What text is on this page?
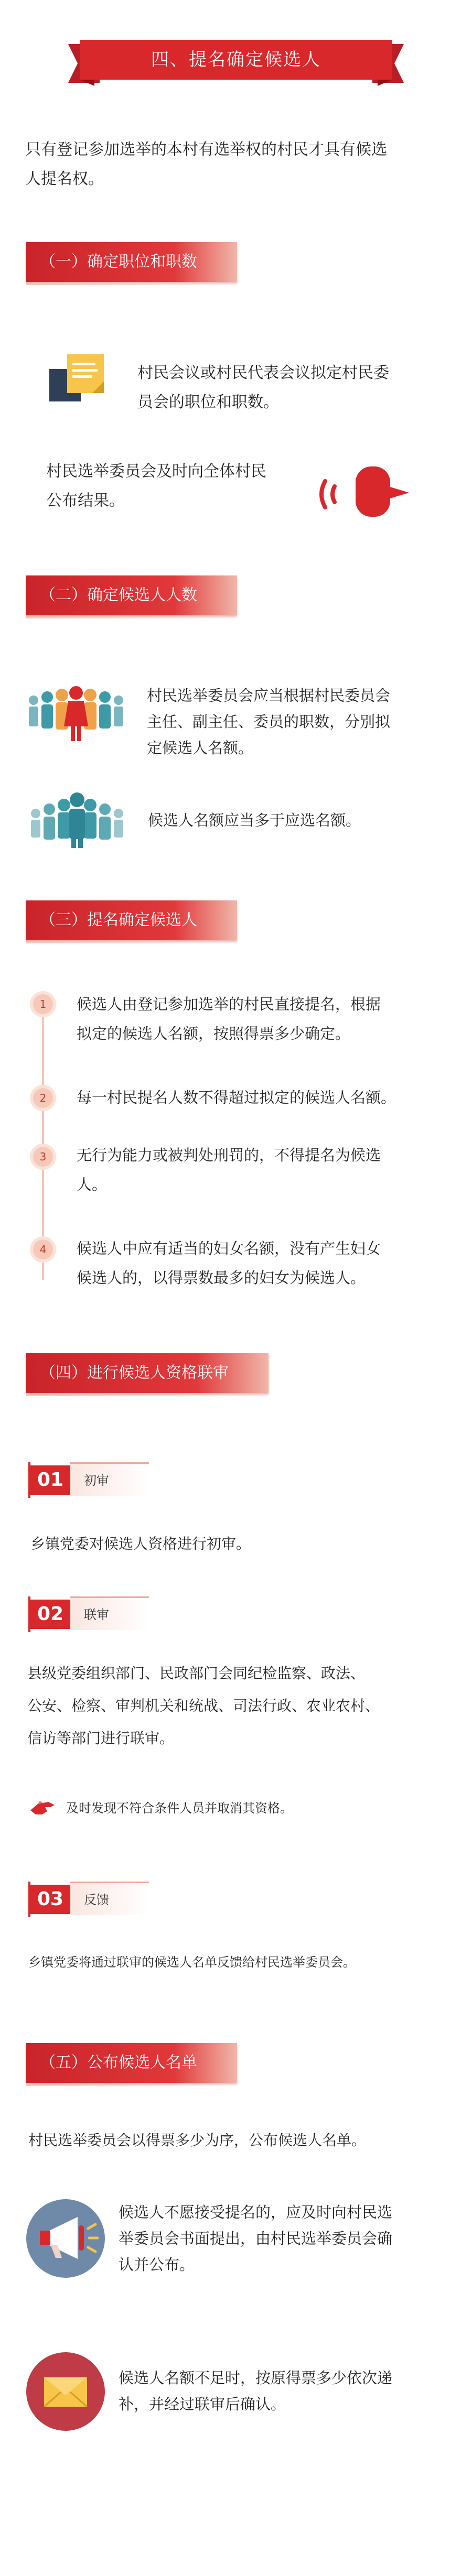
四、提名确定候选人
只有登记参加选举的本村有选举权的村民才具有候选
人提名权。
（一）确定职位和职数
村民会议或村民代表会议拟定村民委
员会的职位和职数。
村民选举委员会及时向全体村民
公布结果。
（二）确定候选人人数
村民选举委员会应当根据村民委员会
主任、副主任、委员的职数，分别拟
定候选人名额。
候选人名额应当多于应选名额。
（三）提名确定候选人
1	候选人由登记参加选举的村民直接提名，根据
拟定的候选人名额，按照得票多少确定。
2	每一村民提名人数不得超过拟定的候选人名额。
3	无行为能力或被判处刑罚的，不得提名为候选
人。
4	候选人中应有适当的妇女名额，没有产生妇女
候选人的，以得票数最多的妇女为候选人。
（四）进行候选人资格联审
01	初审
乡镇党委对候选人资格进行初审。
02	联审
县级党委组织部门、民政部门会同纪检监察、政法、
公安、检察、审判机关和统战、司法行政、农业农村、
信访等部门进行联审。
及时发现不符合条件人员并取消其资格。
03	反馈
乡镇党委将通过联审的候选人名单反馈给村民选举委员会。
（五）公布候选人名单
村民选举委员会以得票多少为序，公布候选人名单。
候选人不愿接受提名的，应及时向村民选
举委员会书面提出，由村民选举委员会确
认并公布。
候选人名额不足时，按原得票多少依次递
补，并经过联审后确认。
